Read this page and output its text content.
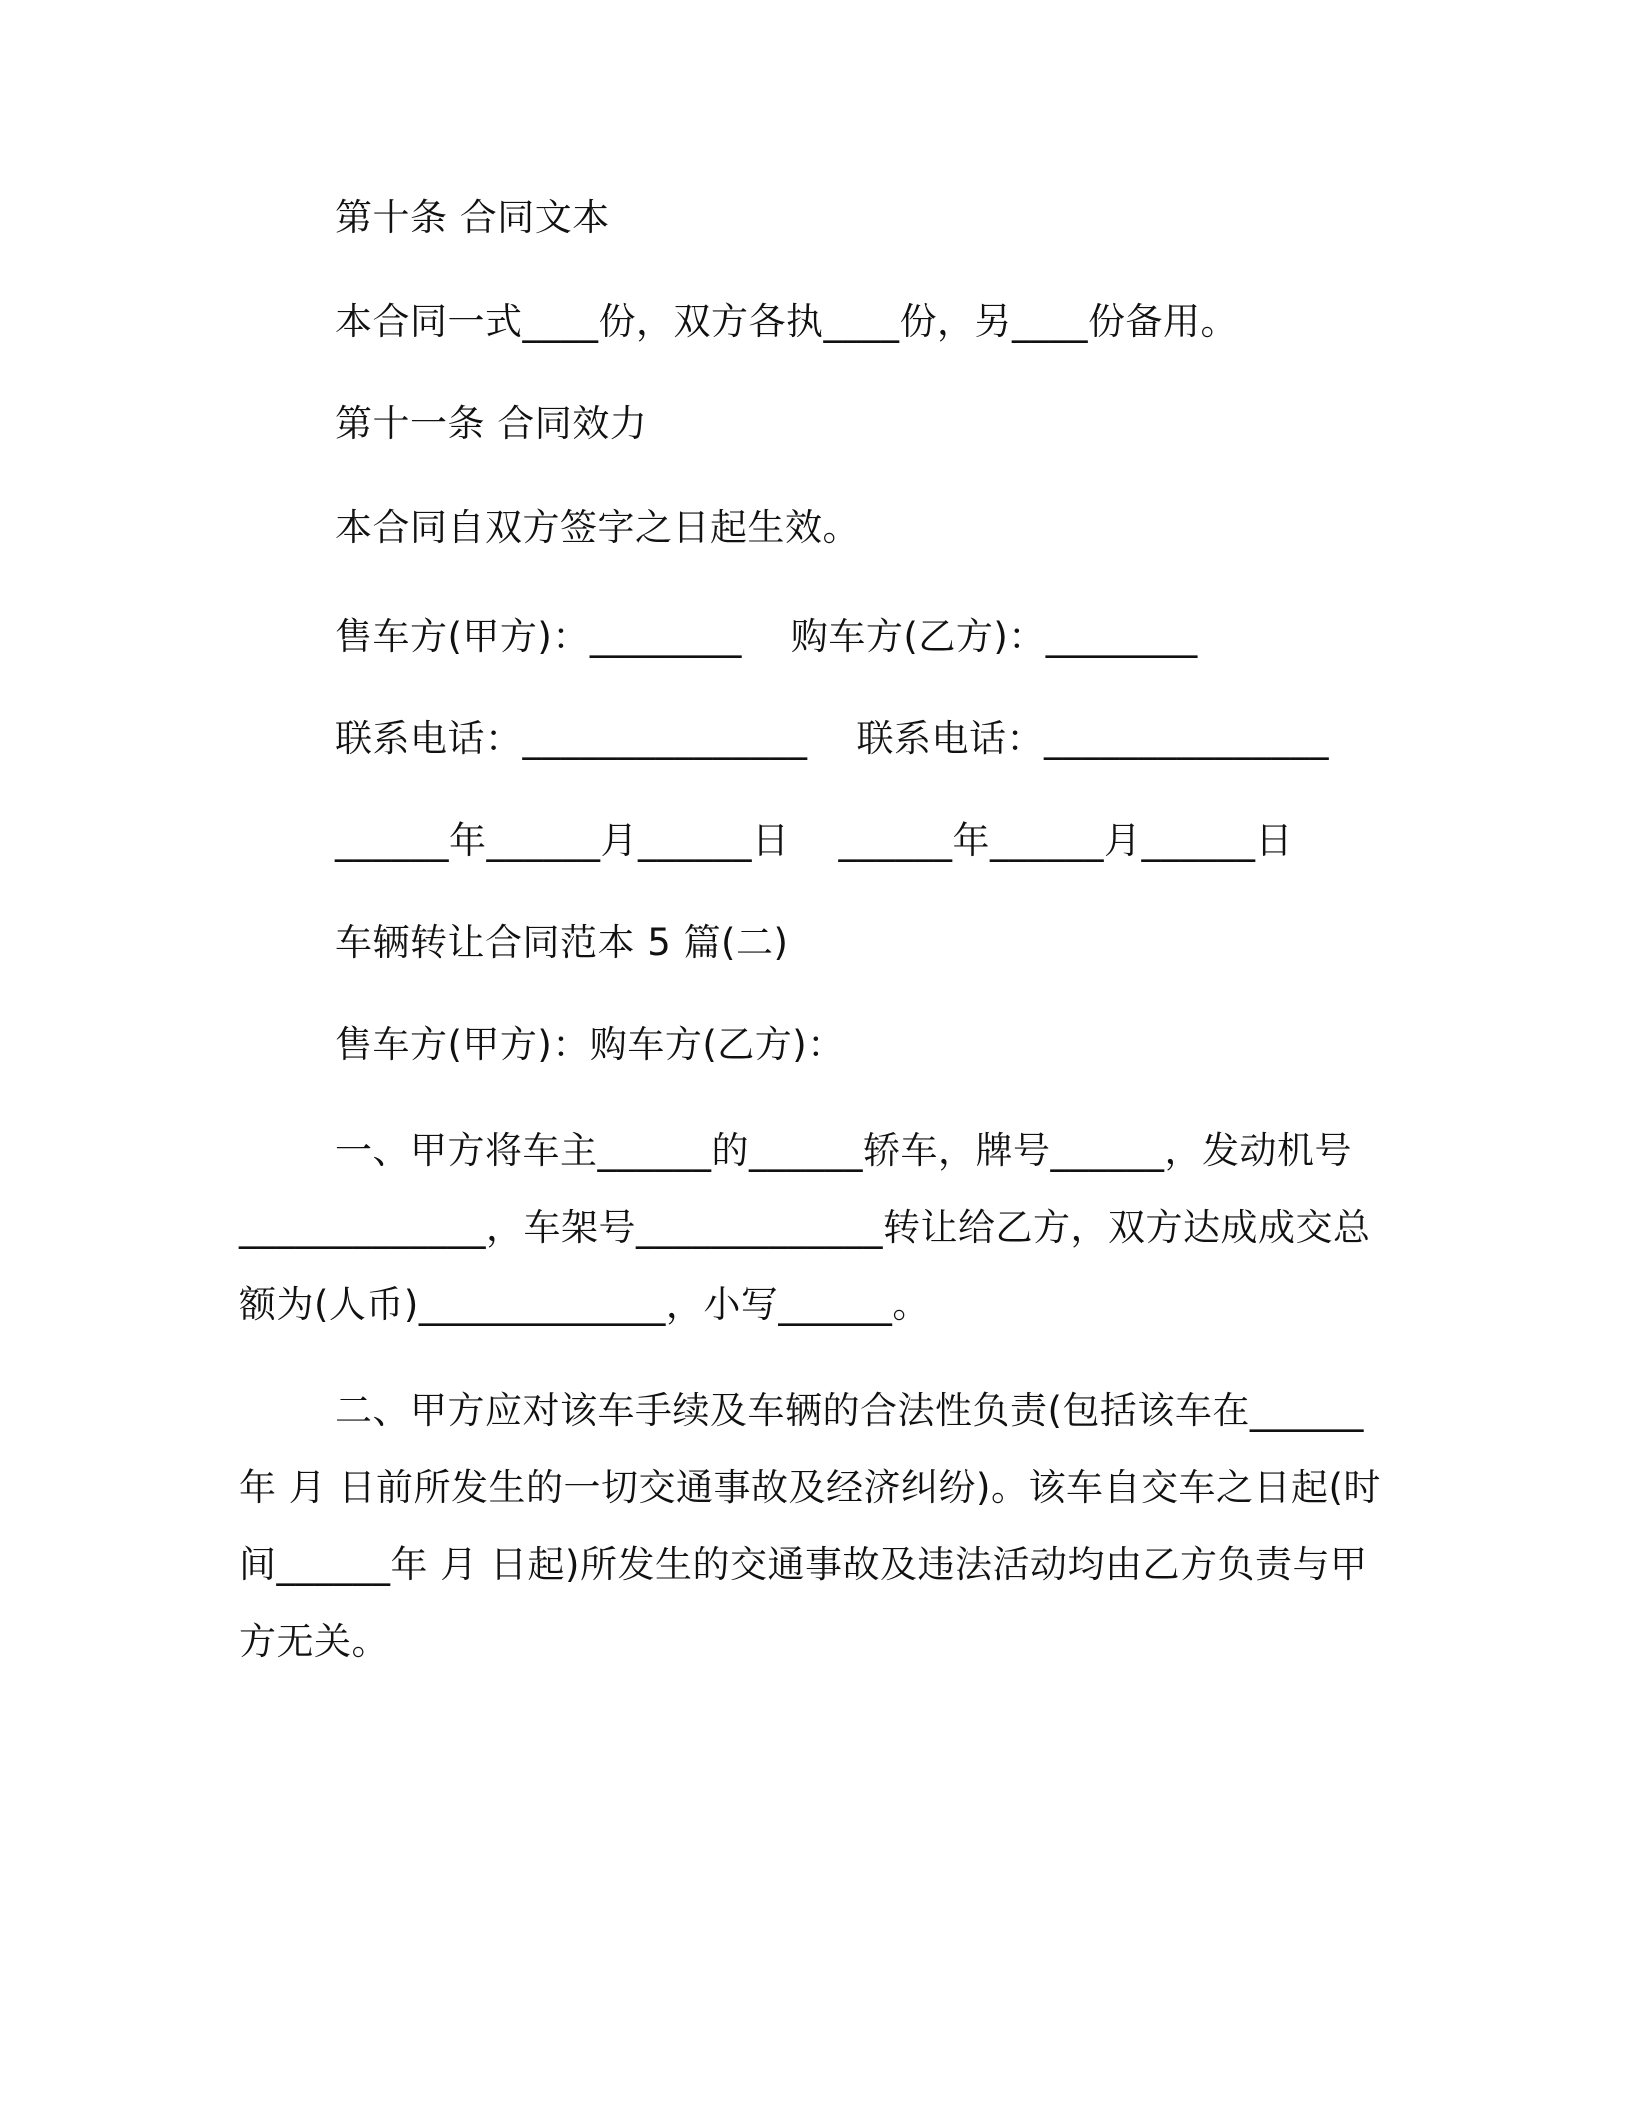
第十条 合同文本
本合同一式____份，双方各执____份，另____份备用。
第十一条 合同效力
本合同自双方签字之日起生效。
售车方(甲方)：________    购车方(乙方)：________
联系电话：_______________    联系电话：_______________
______年______月______日    ______年______月______日
车辆转让合同范本 5 篇(二)
售车方(甲方)：购车方(乙方)：
一、甲方将车主______的______轿车，牌号______，发动机号
_____________，车架号_____________转让给乙方，双方达成成交总
额为(人币)_____________，小写______。
二、甲方应对该车手续及车辆的合法性负责(包括该车在______
年 月 日前所发生的一切交通事故及经济纠纷)。该车自交车之日起(时
间______年 月 日起)所发生的交通事故及违法活动均由乙方负责与甲
方无关。
